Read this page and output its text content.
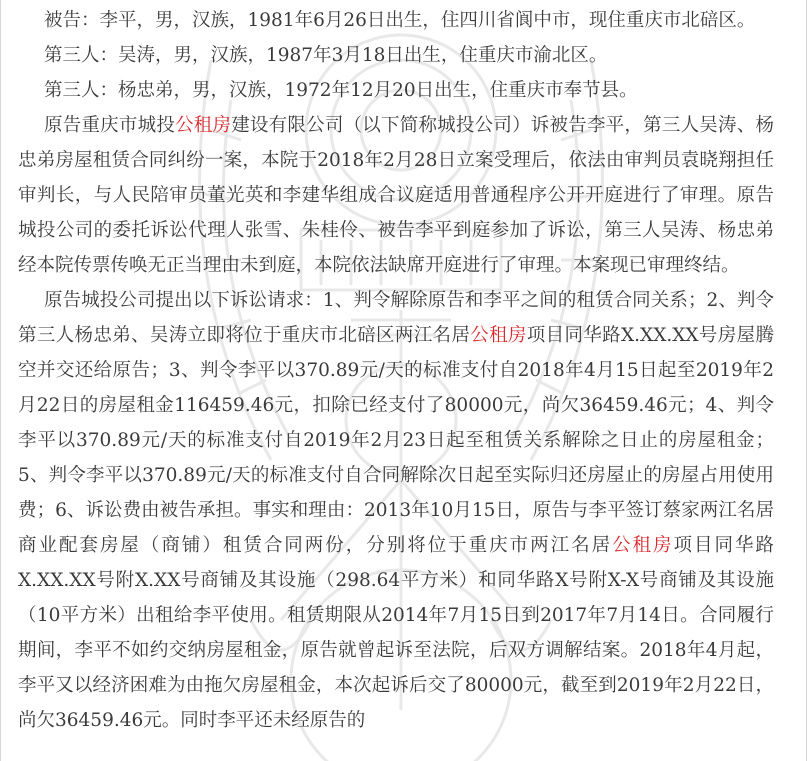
被告：李平，男，汉族，1981年6月26日出生，住四川省阆中市，现住重庆市北碚区。

第三人：吴涛，男，汉族，1987年3月18日出生，住重庆市渝北区。

第三人：杨忠弟，男，汉族，1972年12月20日出生，住重庆市奉节县。

原告重庆市城投公租房建设有限公司（以下简称城投公司）诉被告李平，第三人吴涛、杨忠弟房屋租赁合同纠纷一案，本院于2018年2月28日立案受理后，依法由审判员袁晓翔担任审判长，与人民陪审员董光英和李建华组成合议庭适用普通程序公开开庭进行了审理。原告城投公司的委托诉讼代理人张雪、朱桂伶、被告李平到庭参加了诉讼，第三人吴涛、杨忠弟经本院传票传唤无正当理由未到庭，本院依法缺席开庭进行了审理。本案现已审理终结。

原告城投公司提出以下诉讼请求：1、判令解除原告和李平之间的租赁合同关系；2、判令第三人杨忠弟、吴涛立即将位于重庆市北碚区两江名居公租房项目同华路X.XX.XX号房屋腾空并交还给原告；3、判令李平以370.89元/天的标准支付自2018年4月15日起至2019年2月22日的房屋租金116459.46元，扣除已经支付了80000元，尚欠36459.46元；4、判令李平以370.89元/天的标准支付自2019年2月23日起至租赁关系解除之日止的房屋租金；5、判令李平以370.89元/天的标准支付自合同解除次日起至实际归还房屋止的房屋占用使用费；6、诉讼费由被告承担。事实和理由：2013年10月15日，原告与李平签订蔡家两江名居商业配套房屋（商铺）租赁合同两份，分别将位于重庆市两江名居公租房项目同华路X.XX.XX号附X.XX号商铺及其设施（298.64平方米）和同华路X号附X-X号商铺及其设施（10平方米）出租给李平使用。租赁期限从2014年7月15日到2017年7月14日。合同履行期间，李平不如约交纳房屋租金，原告就曾起诉至法院，后双方调解结案。2018年4月起，李平又以经济困难为由拖欠房屋租金，本次起诉后交了80000元，截至到2019年2月22日，尚欠36459.46元。同时李平还未经原告的
